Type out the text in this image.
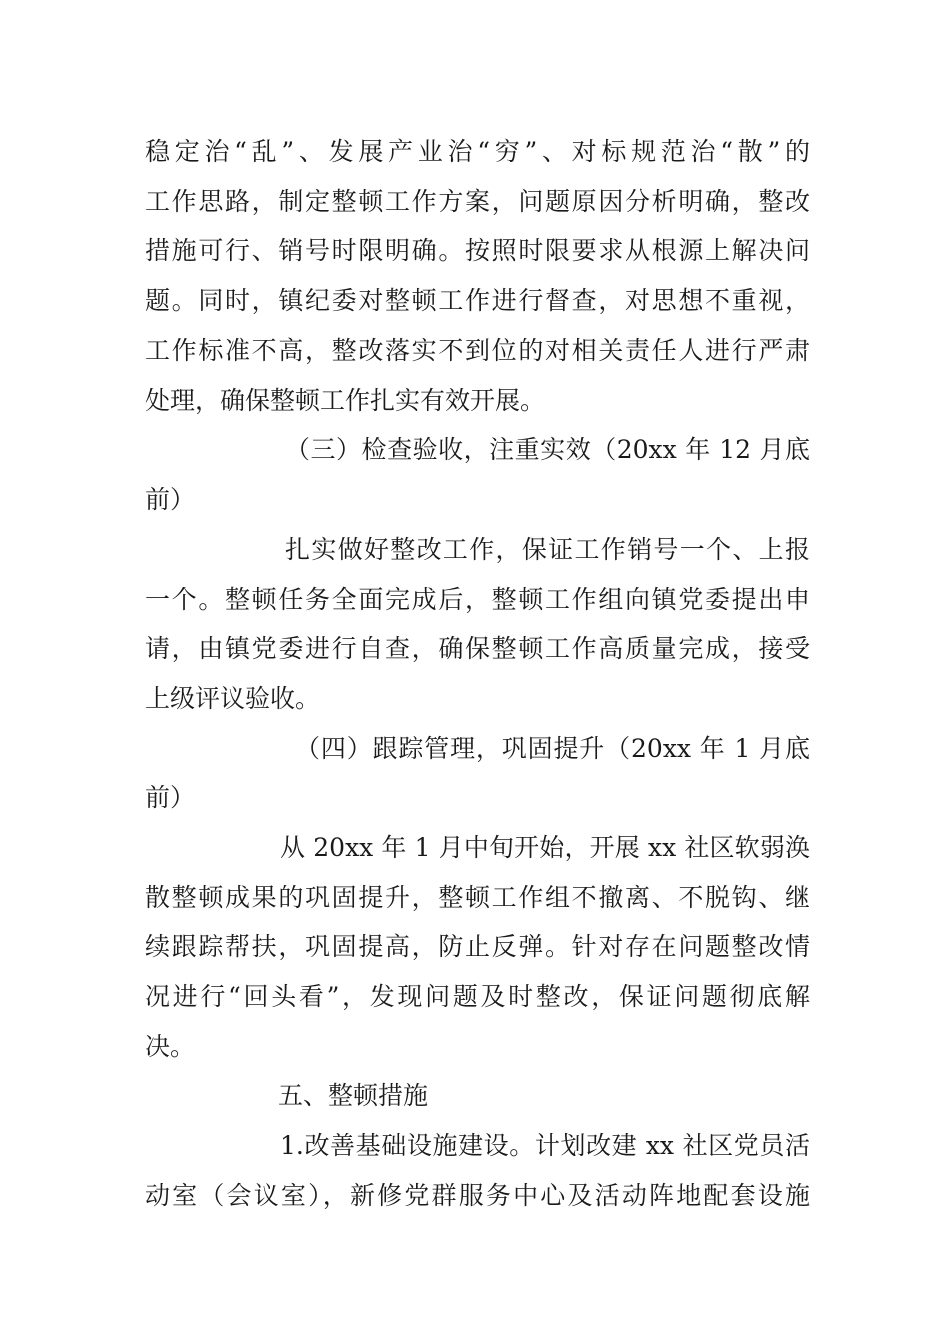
稳定治“乱”、发展产业治“穷”、对标规范治“散”的
工作思路，制定整顿工作方案，问题原因分析明确，整改
措施可行、销号时限明确。按照时限要求从根源上解决问
题。同时，镇纪委对整顿工作进行督查，对思想不重视，
工作标准不高，整改落实不到位的对相关责任人进行严肃
处理，确保整顿工作扎实有效开展。
（三）检查验收，注重实效（20xx 年 12 月底
前）
扎实做好整改工作，保证工作销号一个、上报
一个。整顿任务全面完成后，整顿工作组向镇党委提出申
请，由镇党委进行自查，确保整顿工作高质量完成，接受
上级评议验收。
（四）跟踪管理，巩固提升（20xx 年 1 月底
前）
从 20xx 年 1 月中旬开始，开展 xx 社区软弱涣
散整顿成果的巩固提升，整顿工作组不撤离、不脱钩、继
续跟踪帮扶，巩固提高，防止反弹。针对存在问题整改情
况进行“回头看”，发现问题及时整改，保证问题彻底解
决。
五、整顿措施
1.改善基础设施建设。计划改建 xx 社区党员活
动室（会议室），新修党群服务中心及活动阵地配套设施
